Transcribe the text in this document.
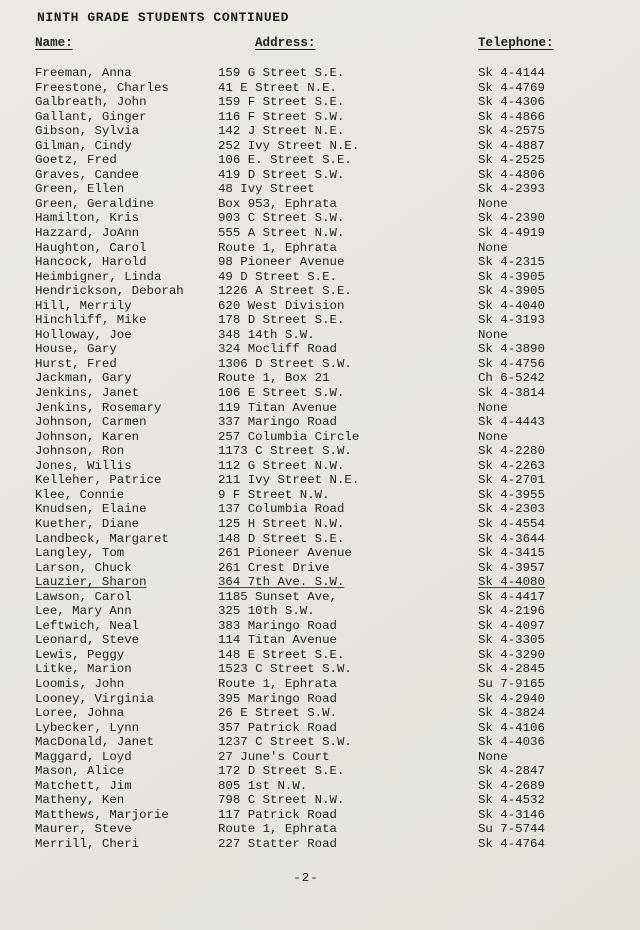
NINTH GRADE STUDENTS CONTINUED
Name:	Address:	Telephone:
Freeman, Anna	159 G Street S.E.	Sk 4-4144
Freestone, Charles	41 E Street N.E.	Sk 4-4769
Galbreath, John	159 F Street S.E.	Sk 4-4306
Gallant, Ginger	116 F Street S.W.	Sk 4-4866
Gibson, Sylvia	142 J Street N.E.	Sk 4-2575
Gilman, Cindy	252 Ivy Street N.E.	Sk 4-4887
Goetz, Fred	106 E. Street S.E.	Sk 4-2525
Graves, Candee	419 D Street S.W.	Sk 4-4806
Green, Ellen	48 Ivy Street	Sk 4-2393
Green, Geraldine	Box 953, Ephrata	None
Hamilton, Kris	903 C Street S.W.	Sk 4-2390
Hazzard, JoAnn	555 A Street N.W.	Sk 4-4919
Haughton, Carol	Route 1, Ephrata	None
Hancock, Harold	98 Pioneer Avenue	Sk 4-2315
Heimbigner, Linda	49 D Street S.E.	Sk 4-3905
Hendrickson, Deborah	1226 A Street S.E.	Sk 4-3905
Hill, Merrily	620 West Division	Sk 4-4040
Hinchliff, Mike	178 D Street S.E.	Sk 4-3193
Holloway, Joe	348 14th S.W.	None
House, Gary	324 Mocliff Road	Sk 4-3890
Hurst, Fred	1306 D Street S.W.	Sk 4-4756
Jackman, Gary	Route 1, Box 21	Ch 6-5242
Jenkins, Janet	106 E Street S.W.	Sk 4-3814
Jenkins, Rosemary	119 Titan Avenue	None
Johnson, Carmen	337 Maringo Road	Sk 4-4443
Johnson, Karen	257 Columbia Circle	None
Johnson, Ron	1173 C Street S.W.	Sk 4-2280
Jones, Willis	112 G Street N.W.	Sk 4-2263
Kelleher, Patrice	211 Ivy Street N.E.	Sk 4-2701
Klee, Connie	9 F Street N.W.	Sk 4-3955
Knudsen, Elaine	137 Columbia Road	Sk 4-2303
Kuether, Diane	125 H Street N.W.	Sk 4-4554
Landbeck, Margaret	148 D Street S.E.	Sk 4-3644
Langley, Tom	261 Pioneer Avenue	Sk 4-3415
Larson, Chuck	261 Crest Drive	Sk 4-3957
Lauzier, Sharon	364 7th Ave. S.W.	Sk 4-4080
Lawson, Carol	1185 Sunset Ave,	Sk 4-4417
Lee, Mary Ann	325 10th S.W.	Sk 4-2196
Leftwich, Neal	383 Maringo Road	Sk 4-4097
Leonard, Steve	114 Titan Avenue	Sk 4-3305
Lewis, Peggy	148 E Street S.E.	Sk 4-3290
Litke, Marion	1523 C Street S.W.	Sk 4-2845
Loomis, John	Route 1, Ephrata	Su 7-9165
Looney, Virginia	395 Maringo Road	Sk 4-2940
Loree, Johna	26 E Street S.W.	Sk 4-3824
Lybecker, Lynn	357 Patrick Road	Sk 4-4106
MacDonald, Janet	1237 C Street S.W.	Sk 4-4036
Maggard, Loyd	27 June's Court	None
Mason, Alice	172 D Street S.E.	Sk 4-2847
Matchett, Jim	805 1st N.W.	Sk 4-2689
Matheny, Ken	798 C Street N.W.	Sk 4-4532
Matthews, Marjorie	117 Patrick Road	Sk 4-3146
Maurer, Steve	Route 1, Ephrata	Su 7-5744
Merrill, Cheri	227 Statter Road	Sk 4-4764
-2-
